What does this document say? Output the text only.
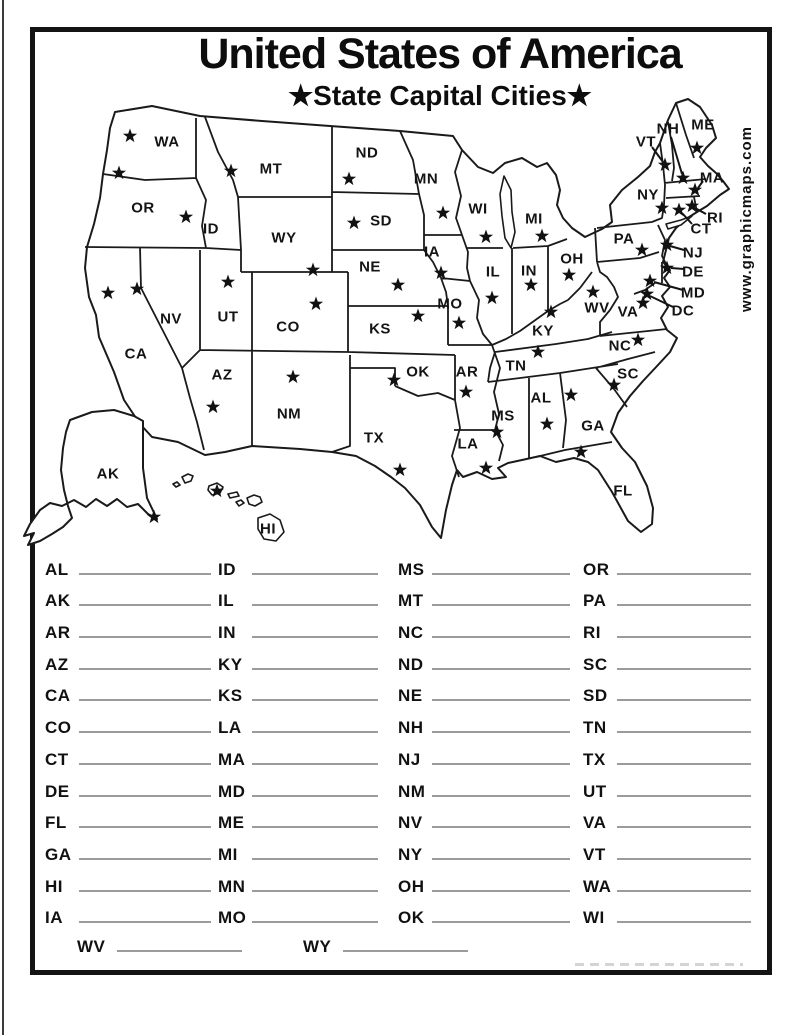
United States of America
★State Capital Cities★
www.graphicmaps.com
WA
OR
CA
NV
ID
MT
WY
UT
AZ
CO
NM
ND
SD
NE
KS
OK
TX
MN
IA
MO
AR
LA
WI
IL
MS
MI
IN
OH
KY
TN
AL
GA
FL
SC
NC
VA
WV
PA
NY
ME
NH
VT
MA
RI
CT
NJ
DE
MD
DC
AK
HI
AL
AK
AR
AZ
CA
CO
CT
DE
FL
GA
HI
IA
ID
IL
IN
KY
KS
LA
MA
MD
ME
MI
MN
MO
MS
MT
NC
ND
NE
NH
NJ
NM
NV
NY
OH
OK
OR
PA
RI
SC
SD
TN
TX
UT
VA
VT
WA
WI
WV	WY
